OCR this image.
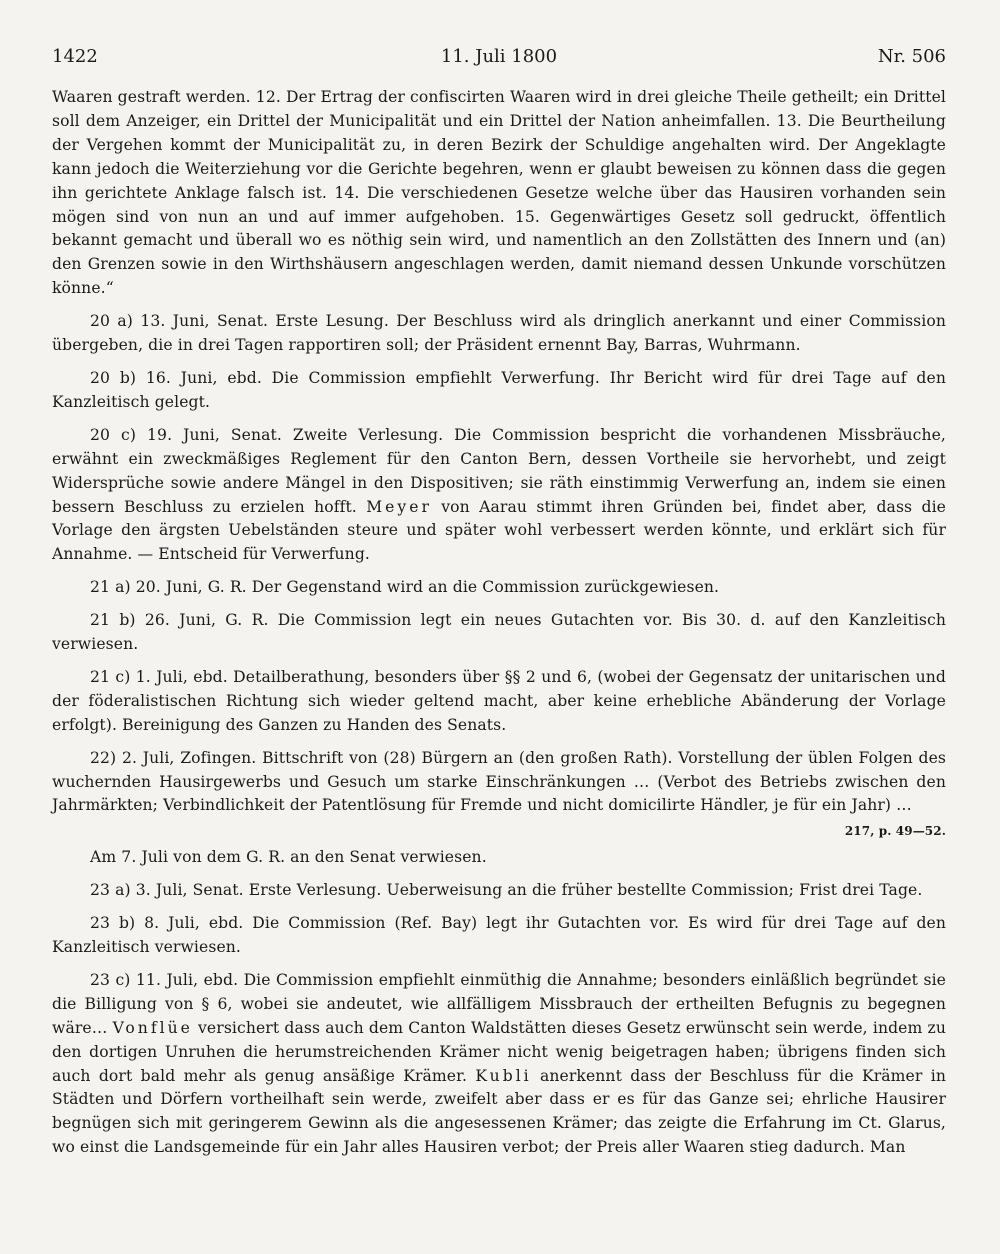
1422	11. Juli 1800	Nr. 506

Waaren gestraft werden. 12. Der Ertrag der confiscirten Waaren wird in drei gleiche Theile getheilt; ein Drittel soll dem Anzeiger, ein Drittel der Municipalität und ein Drittel der Nation anheimfallen. 13. Die Beurtheilung der Vergehen kommt der Municipalität zu, in deren Bezirk der Schuldige angehalten wird. Der Angeklagte kann jedoch die Weiterziehung vor die Gerichte begehren, wenn er glaubt beweisen zu können dass die gegen ihn gerichtete Anklage falsch ist. 14. Die verschiedenen Gesetze welche über das Hausiren vorhanden sein mögen sind von nun an und auf immer aufgehoben. 15. Gegenwärtiges Gesetz soll gedruckt, öffentlich bekannt gemacht und überall wo es nöthig sein wird, und namentlich an den Zollstätten des Innern und (an) den Grenzen sowie in den Wirthshäusern angeschlagen werden, damit niemand dessen Unkunde vorschützen könne.“

20 a) 13. Juni, Senat. Erste Lesung. Der Beschluss wird als dringlich anerkannt und einer Commission übergeben, die in drei Tagen rapportiren soll; der Präsident ernennt Bay, Barras, Wuhrmann.

20 b) 16. Juni, ebd. Die Commission empfiehlt Verwerfung. Ihr Bericht wird für drei Tage auf den Kanzleitisch gelegt.

20 c) 19. Juni, Senat. Zweite Verlesung. Die Commission bespricht die vorhandenen Missbräuche, erwähnt ein zweckmäßiges Reglement für den Canton Bern, dessen Vortheile sie hervorhebt, und zeigt Widersprüche sowie andere Mängel in den Dispositiven; sie räth einstimmig Verwerfung an, indem sie einen bessern Beschluss zu erzielen hofft. Meyer von Aarau stimmt ihren Gründen bei, findet aber, dass die Vorlage den ärgsten Uebelständen steure und später wohl verbessert werden könnte, und erklärt sich für Annahme. — Entscheid für Verwerfung.

21 a) 20. Juni, G. R. Der Gegenstand wird an die Commission zurückgewiesen.

21 b) 26. Juni, G. R. Die Commission legt ein neues Gutachten vor. Bis 30. d. auf den Kanzleitisch verwiesen.

21 c) 1. Juli, ebd. Detailberathung, besonders über §§ 2 und 6, (wobei der Gegensatz der unitarischen und der föderalistischen Richtung sich wieder geltend macht, aber keine erhebliche Abänderung der Vorlage erfolgt). Bereinigung des Ganzen zu Handen des Senats.

22) 2. Juli, Zofingen. Bittschrift von (28) Bürgern an (den großen Rath). Vorstellung der üblen Folgen des wuchernden Hausirgewerbs und Gesuch um starke Einschränkungen … (Verbot des Betriebs zwischen den Jahrmärkten; Verbindlichkeit der Patentlösung für Fremde und nicht domicilirte Händler, je für ein Jahr) …
217, p. 49—52.

Am 7. Juli von dem G. R. an den Senat verwiesen.

23 a) 3. Juli, Senat. Erste Verlesung. Ueberweisung an die früher bestellte Commission; Frist drei Tage.

23 b) 8. Juli, ebd. Die Commission (Ref. Bay) legt ihr Gutachten vor. Es wird für drei Tage auf den Kanzleitisch verwiesen.

23 c) 11. Juli, ebd. Die Commission empfiehlt einmüthig die Annahme; besonders einläßlich begründet sie die Billigung von § 6, wobei sie andeutet, wie allfälligem Missbrauch der ertheilten Befugnis zu begegnen wäre… Vonflüe versichert dass auch dem Canton Waldstätten dieses Gesetz erwünscht sein werde, indem zu den dortigen Unruhen die herumstreichenden Krämer nicht wenig beigetragen haben; übrigens finden sich auch dort bald mehr als genug ansäßige Krämer. Kubli anerkennt dass der Beschluss für die Krämer in Städten und Dörfern vortheilhaft sein werde, zweifelt aber dass er es für das Ganze sei; ehrliche Hausirer begnügen sich mit geringerem Gewinn als die angesessenen Krämer; das zeigte die Erfahrung im Ct. Glarus, wo einst die Landsgemeinde für ein Jahr alles Hausiren verbot; der Preis aller Waaren stieg dadurch. Man
